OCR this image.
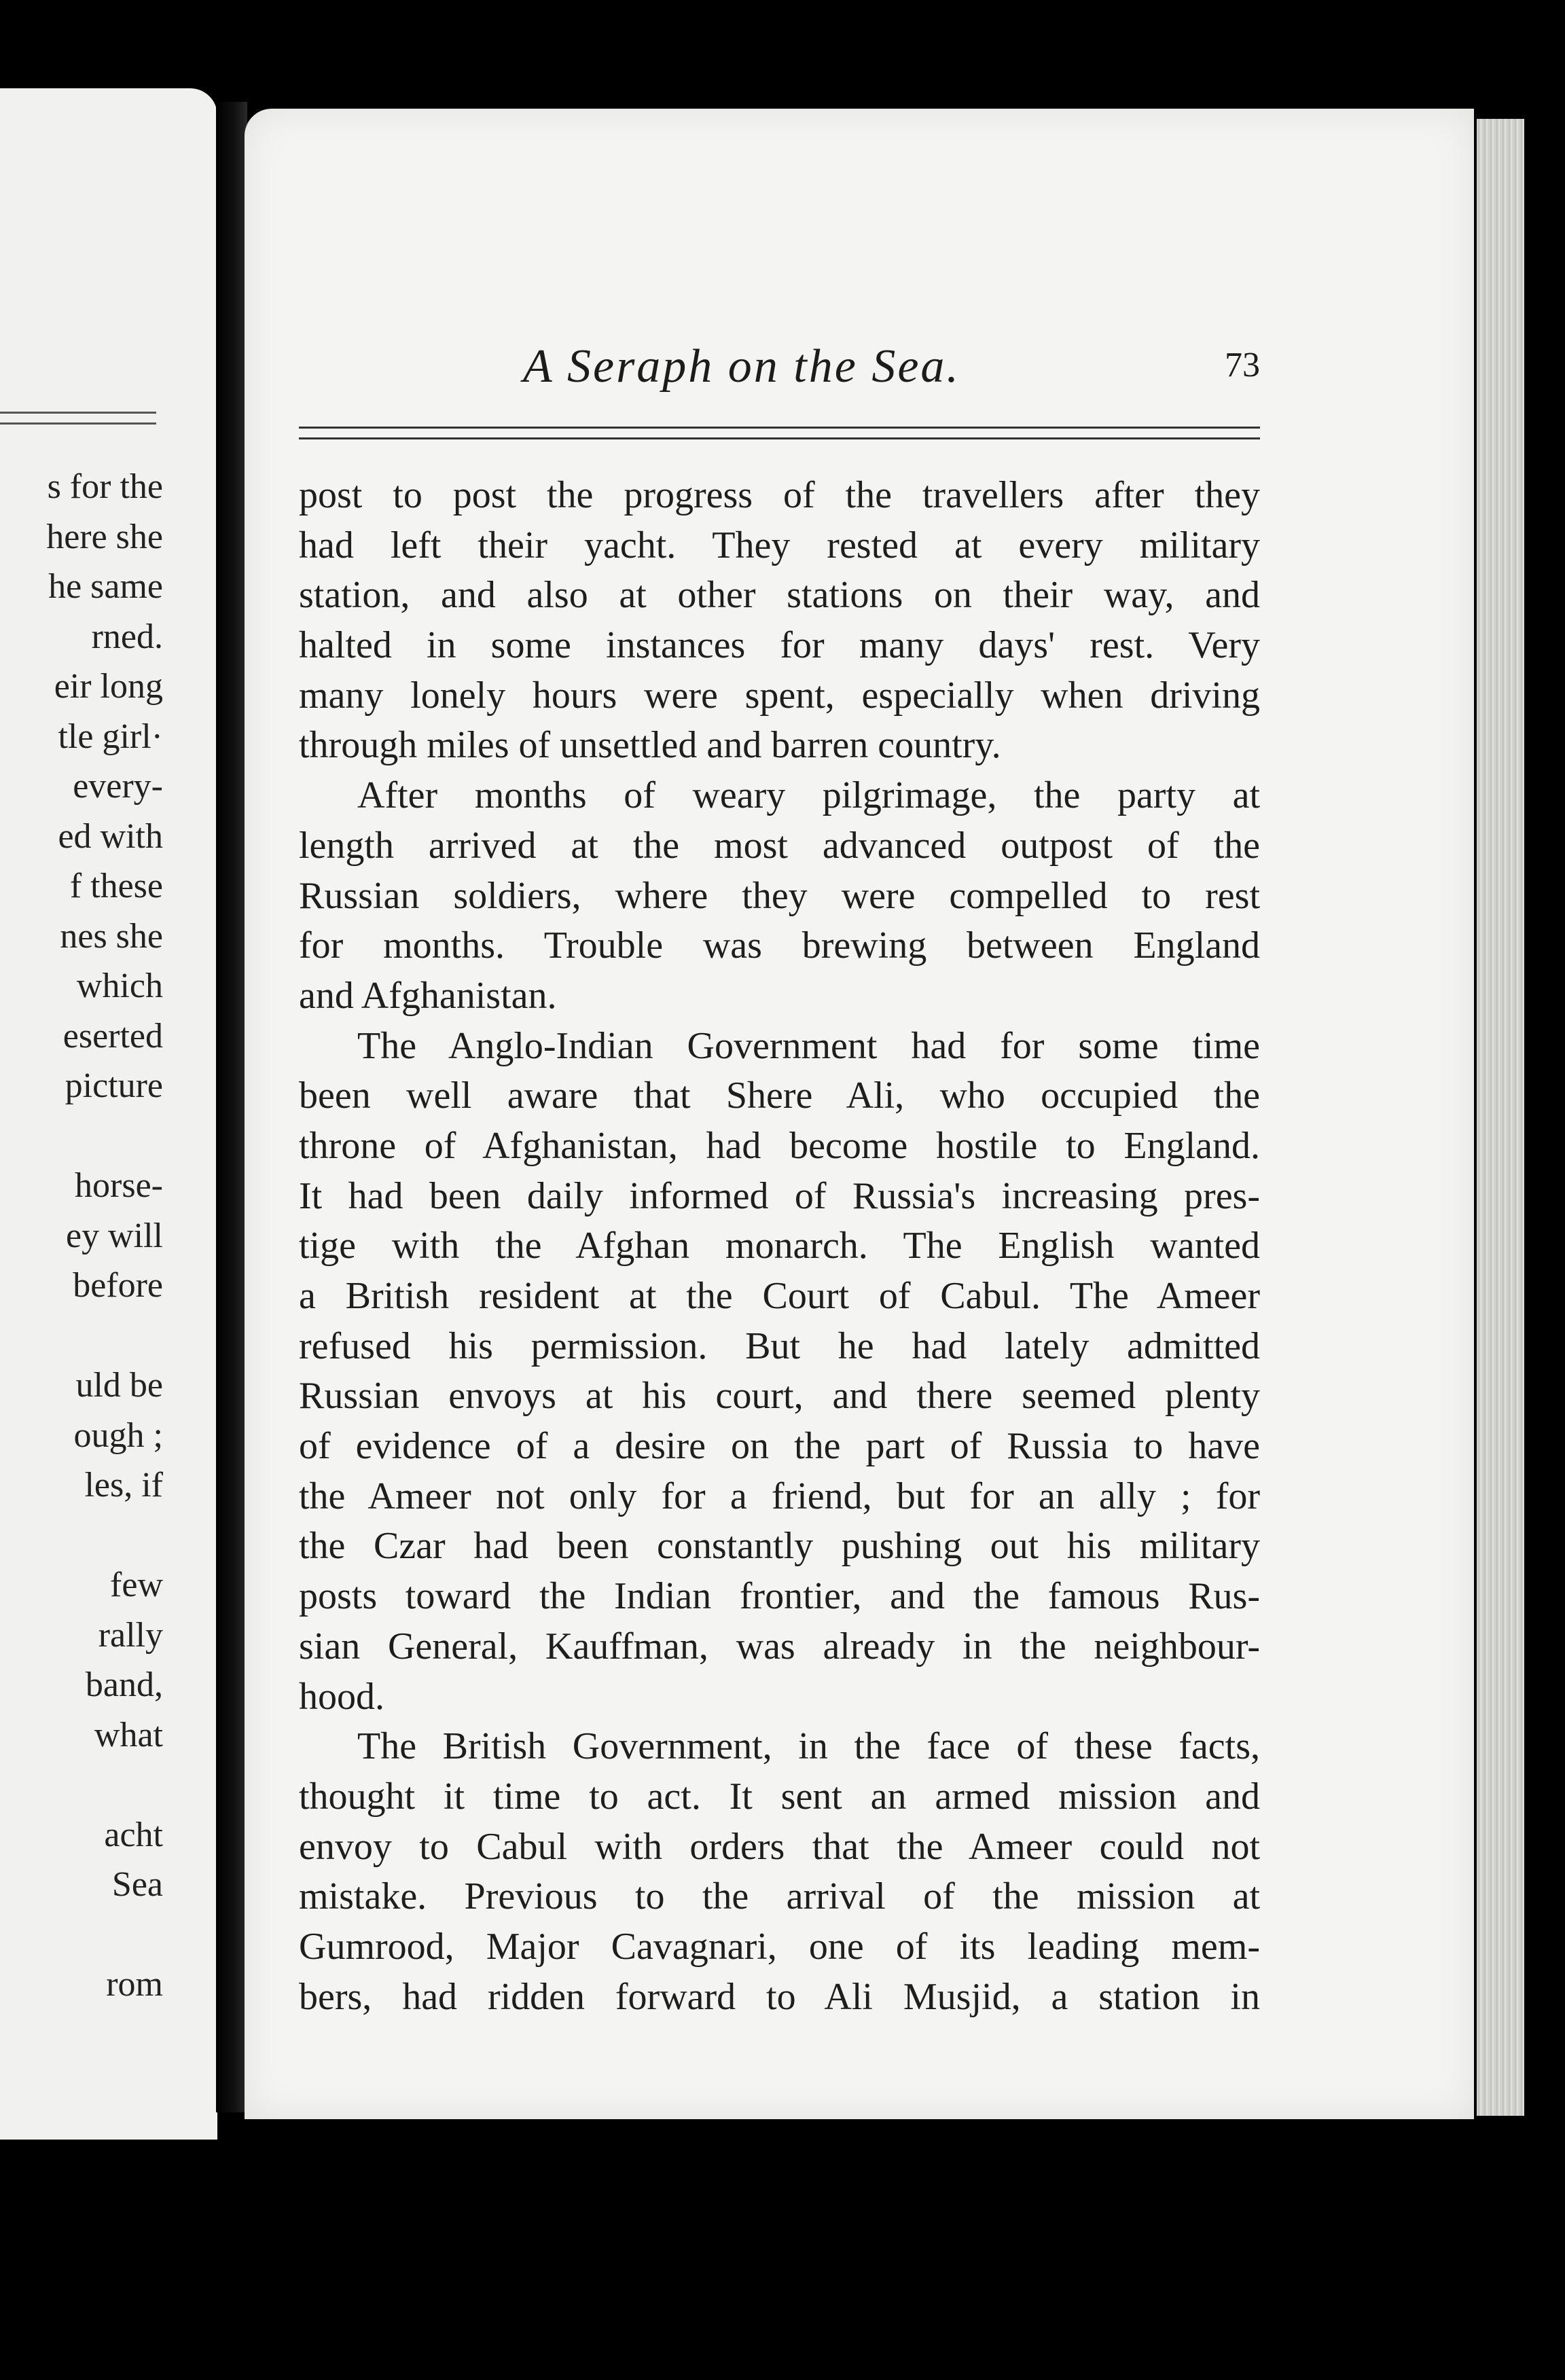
s for the
here she
he same
rned.
eir long
tle girl·
every-
ed with
f these
nes she
which
eserted
picture
horse-
ey will
before
uld be
ough ;
les, if
few
rally
band,
what
acht
Sea
rom
A Seraph on the Sea.	73
post to post the progress of the travellers after they
had left their yacht. They rested at every military
station, and also at other stations on their way, and
halted in some instances for many days' rest. Very
many lonely hours were spent, especially when driving
through miles of unsettled and barren country.
After months of weary pilgrimage, the party at
length arrived at the most advanced outpost of the
Russian soldiers, where they were compelled to rest
for months. Trouble was brewing between England
and Afghanistan.
The Anglo-Indian Government had for some time
been well aware that Shere Ali, who occupied the
throne of Afghanistan, had become hostile to England.
It had been daily informed of Russia's increasing pres-
tige with the Afghan monarch. The English wanted
a British resident at the Court of Cabul. The Ameer
refused his permission. But he had lately admitted
Russian envoys at his court, and there seemed plenty
of evidence of a desire on the part of Russia to have
the Ameer not only for a friend, but for an ally ; for
the Czar had been constantly pushing out his military
posts toward the Indian frontier, and the famous Rus-
sian General, Kauffman, was already in the neighbour-
hood.
The British Government, in the face of these facts,
thought it time to act. It sent an armed mission and
envoy to Cabul with orders that the Ameer could not
mistake. Previous to the arrival of the mission at
Gumrood, Major Cavagnari, one of its leading mem-
bers, had ridden forward to Ali Musjid, a station in
